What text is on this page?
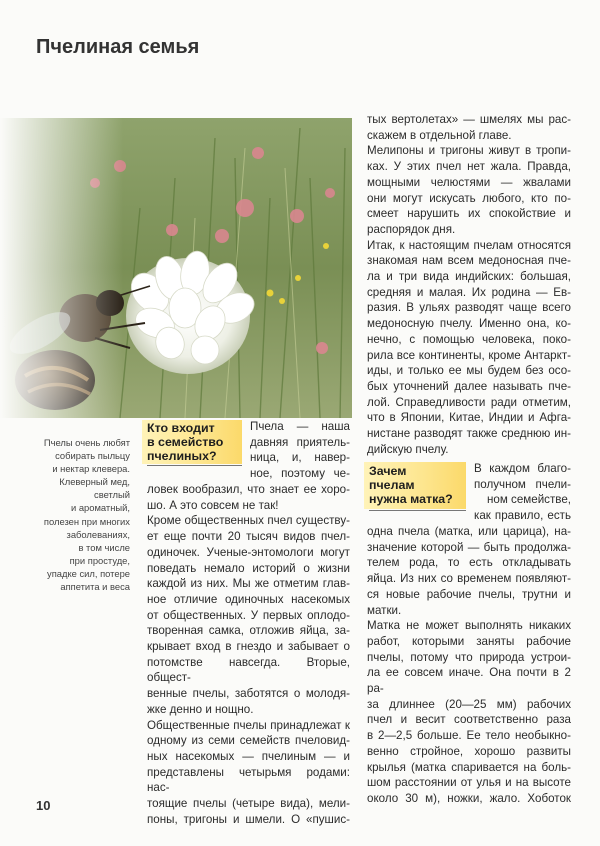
Пчелиная семья

Пчелы очень любят

собирать пыльцу

и нектар клевера.

Клеверный мед,

светлый

и ароматный,

полезен при многих

заболеваниях,

в том числе

при простуде,

упадке сил, потере

аппетита и веса

Кто входит
в семейство
пчелиных?

Пчела — наша

давняя приятель-

ница, и, навер-

ное, поэтому че-

ловек вообразил, что знает ее хоро-

шо. А это совсем не так!

Кроме общественных пчел существу-

ет еще почти 20 тысяч видов пчел-

одиночек. Ученые-энтомологи могут

поведать немало историй о жизни

каждой из них. Мы же отметим глав-

ное отличие одиночных насекомых

от общественных. У первых оплодо-

творенная самка, отложив яйца, за-

крывает вход в гнездо и забывает о

потомстве навсегда. Вторые, общест-

венные пчелы, заботятся о молодя-

жке денно и нощно.

Общественные пчелы принадлежат к

одному из семи семейств пчеловид-

ных насекомых — пчелиным — и

представлены четырьмя родами: нас-

тоящие пчелы (четыре вида), мели-

поны, тригоны и шмели. О «пушис-

тых вертолетах» — шмелях мы рас-

скажем в отдельной главе.

Мелипоны и тригоны живут в тропи-

ках. У этих пчел нет жала. Правда,

мощными челюстями — жвалами

они могут искусать любого, кто по-

смеет нарушить их спокойствие и

распорядок дня.

Итак, к настоящим пчелам относятся

знакомая нам всем медоносная пче-

ла и три вида индийских: большая,

средняя и малая. Их родина — Ев-

разия. В ульях разводят чаще всего

медоносную пчелу. Именно она, ко-

нечно, с помощью человека, поко-

рила все континенты, кроме Антаркт-

иды, и только ее мы будем без осо-

бых уточнений далее называть пче-

лой. Справедливости ради отметим,

что в Японии, Китае, Индии и Афга-

нистане разводят также среднюю ин-

дийскую пчелу.

Зачем
пчелам
нужна матка?

В каждом благо-

получном пчели-

ном семействе,

как правило, есть

одна пчела (матка, или царица), на-

значение которой — быть продолжа-

телем рода, то есть откладывать

яйца. Из них со временем появляют-

ся новые рабочие пчелы, трутни и

матки.

Матка не может выполнять никаких

работ, которыми заняты рабочие

пчелы, потому что природа устрои-

ла ее совсем иначе. Она почти в 2 ра-

за длиннее (20—25 мм) рабочих

пчел и весит соответственно раза

в 2—2,5 больше. Ее тело необыкно-

венно стройное, хорошо развиты

крылья (матка спаривается на боль-

шом расстоянии от улья и на высоте

около 30 м), ножки, жало. Хоботок

10
